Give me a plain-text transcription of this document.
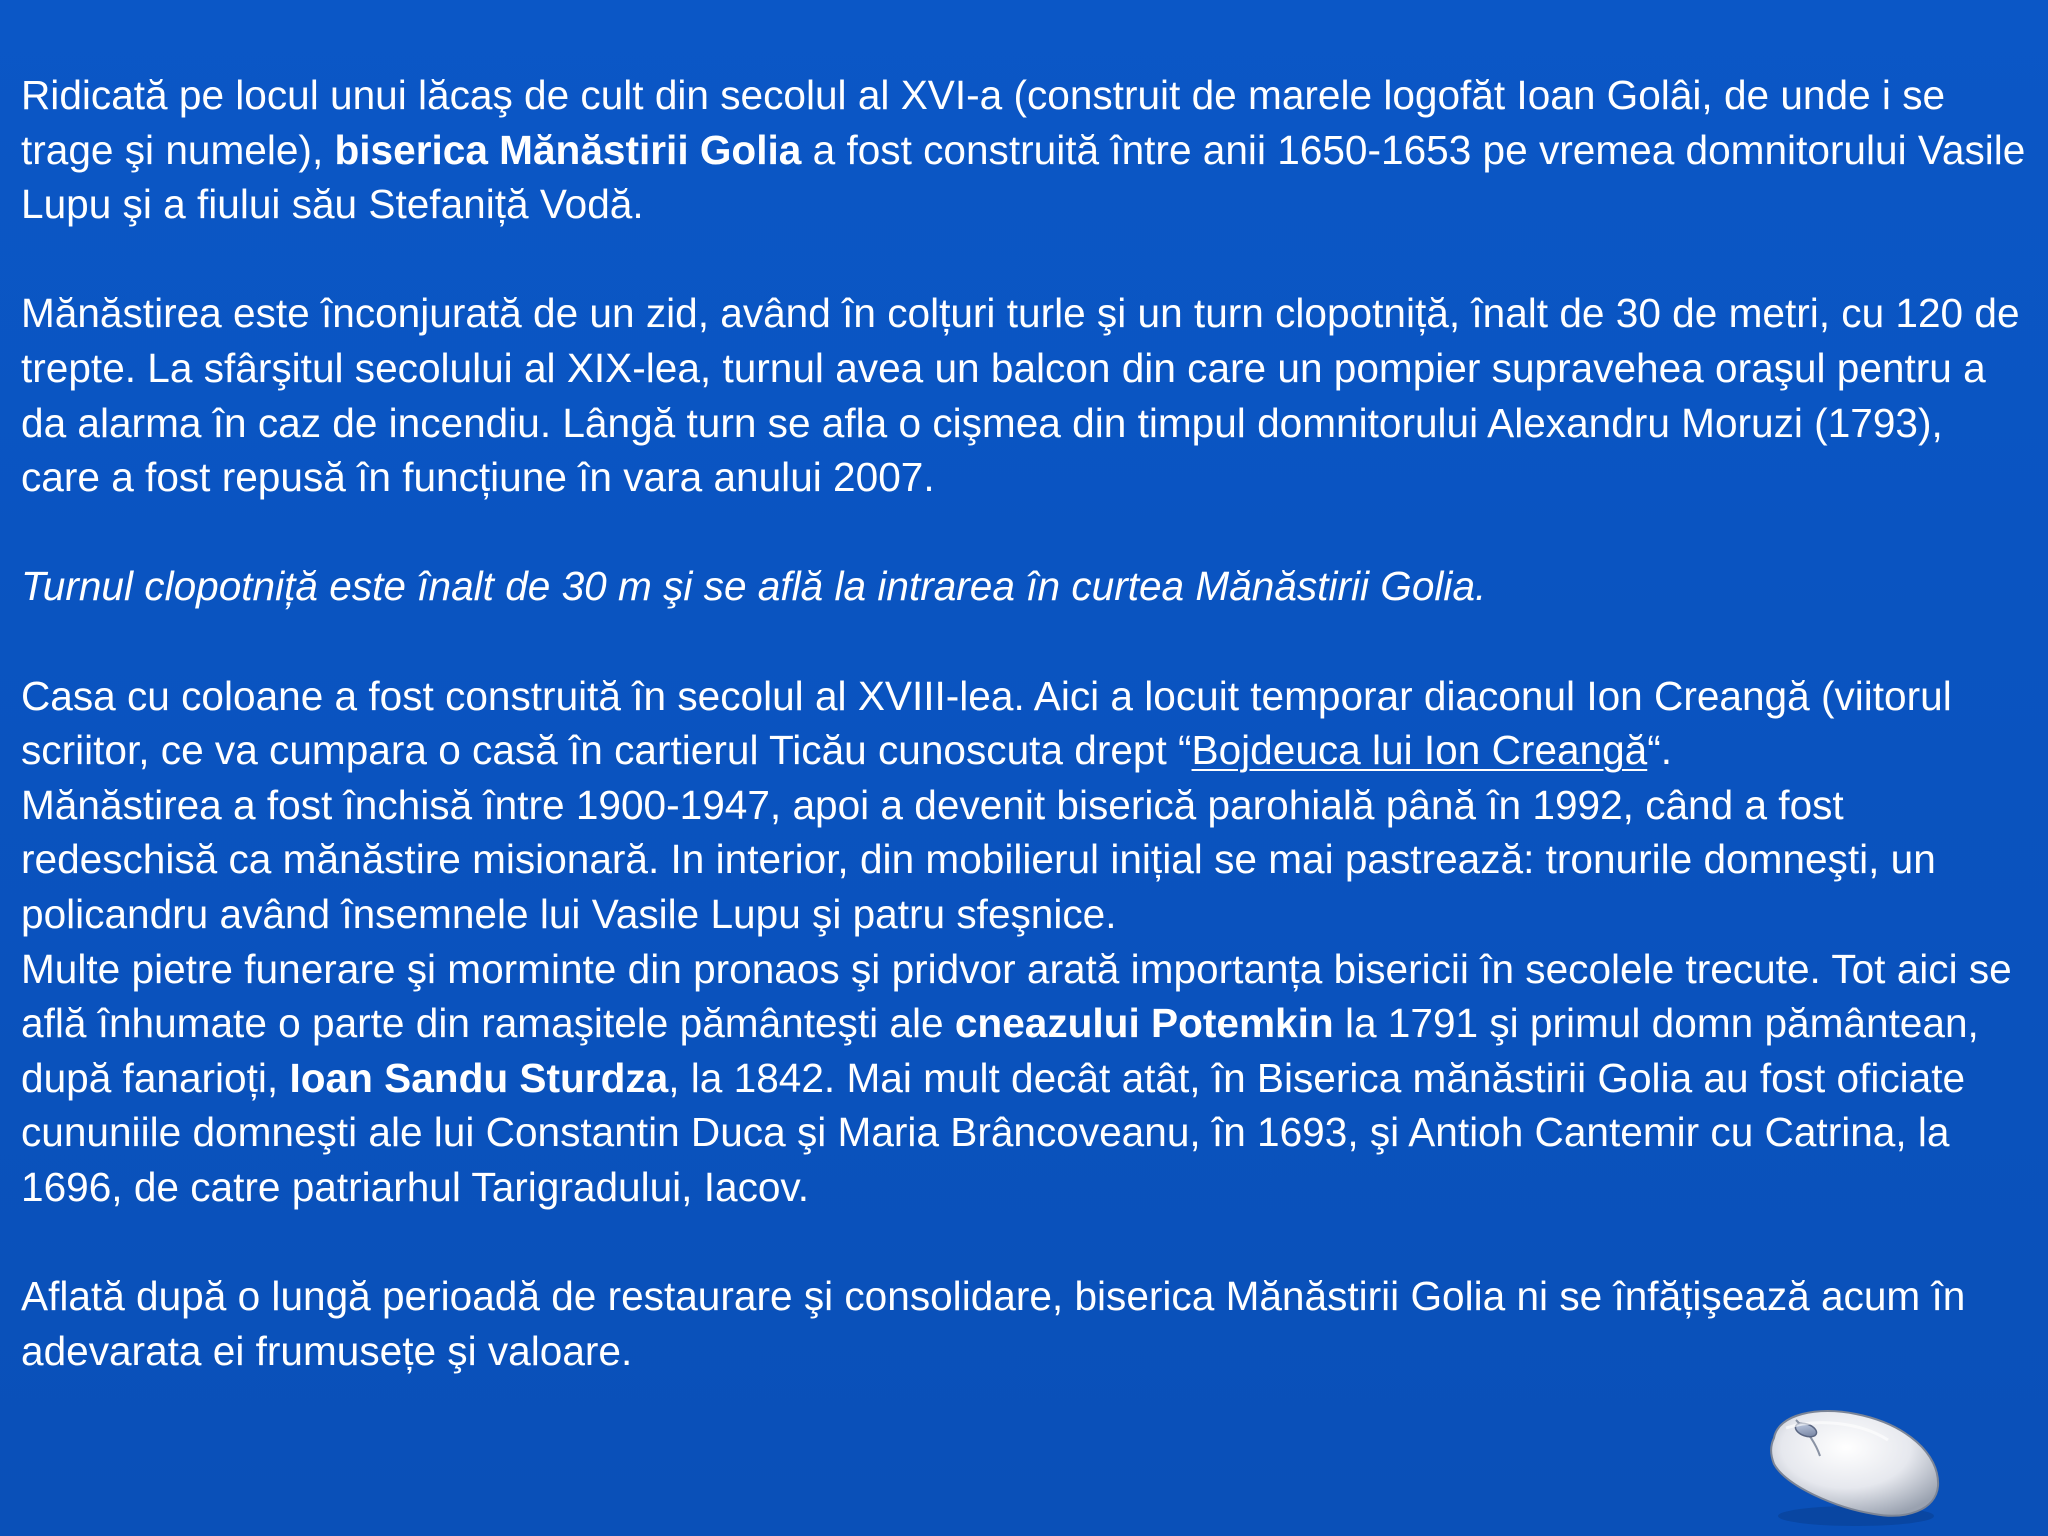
Ridicată pe locul unui lăcaş de cult din secolul al XVI-a (construit de marele logofăt Ioan Golâi, de unde i se trage şi numele), biserica Mănăstirii Golia a fost construită între anii 1650-1653 pe vremea domnitorului Vasile Lupu şi a fiului său Stefaniță Vodă.

Mănăstirea este înconjurată de un zid, având în colțuri turle şi un turn clopotniță, înalt de 30 de metri, cu 120 de trepte. La sfârşitul secolului al XIX-lea, turnul avea un balcon din care un pompier supravehea oraşul pentru a da alarma în caz de incendiu. Lângă turn se afla o cişmea din timpul domnitorului Alexandru Moruzi (1793), care a fost repusă în funcțiune în vara anului 2007.

Turnul clopotniță este înalt de 30 m şi se află la intrarea în curtea Mănăstirii Golia.

Casa cu coloane a fost construită în secolul al XVIII-lea. Aici a locuit temporar diaconul Ion Creangă (viitorul scriitor, ce va cumpara o casă în cartierul Ticău cunoscuta drept “Bojdeuca lui Ion Creangă“.

Mănăstirea a fost închisă între 1900-1947, apoi a devenit biserică parohială până în 1992, când a fost redeschisă ca mănăstire misionară. In interior, din mobilierul inițial se mai pastrează: tronurile domneşti, un policandru având însemnele lui Vasile Lupu şi patru sfeşnice.

Multe pietre funerare şi morminte din pronaos şi pridvor arată importanța bisericii în secolele trecute. Tot aici se află înhumate o parte din ramaşitele pământeşti ale cneazului Potemkin la 1791 şi primul domn pământean, după fanarioți, Ioan Sandu Sturdza, la 1842. Mai mult decât atât, în Biserica mănăstirii Golia au fost oficiate cununiile domneşti ale lui Constantin Duca şi Maria Brâncoveanu, în 1693, şi Antioh Cantemir cu Catrina, la 1696, de catre patriarhul Tarigradului, Iacov.

Aflată după o lungă perioadă de restaurare şi consolidare, biserica Mănăstirii Golia ni se înfățişează acum în adevarata ei frumusețe şi valoare.
